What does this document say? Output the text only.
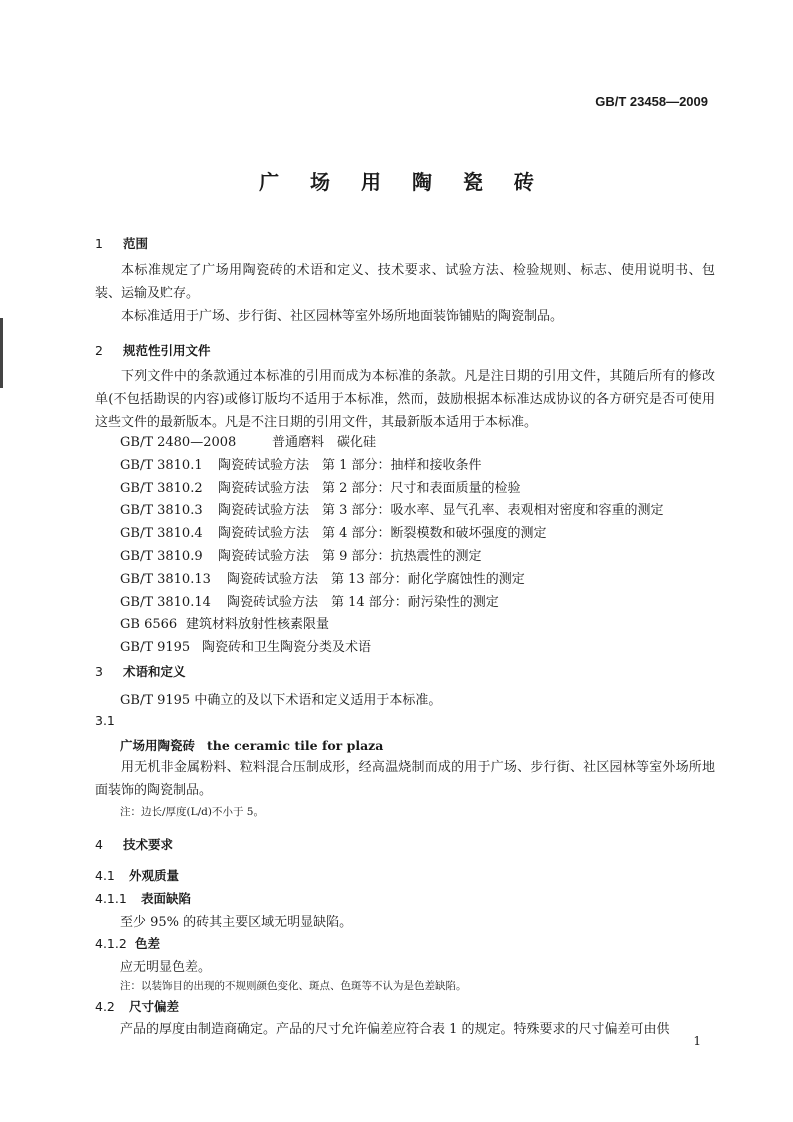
GB/T 23458—2009
广 场 用 陶 瓷 砖
1 范围
本标准规定了广场用陶瓷砖的术语和定义、技术要求、试验方法、检验规则、标志、使用说明书、包装、运输及贮存。
本标准适用于广场、步行街、社区园林等室外场所地面装饰铺贴的陶瓷制品。
2 规范性引用文件
下列文件中的条款通过本标准的引用而成为本标准的条款。凡是注日期的引用文件，其随后所有的修改单(不包括勘误的内容)或修订版均不适用于本标准，然而，鼓励根据本标准达成协议的各方研究是否可使用这些文件的最新版本。凡是不注日期的引用文件，其最新版本适用于本标准。
GB/T 2480—2008	普通磨料　碳化硅
GB/T 3810.1 陶瓷砖试验方法　第 1 部分：抽样和接收条件
GB/T 3810.2 陶瓷砖试验方法　第 2 部分：尺寸和表面质量的检验
GB/T 3810.3 陶瓷砖试验方法　第 3 部分：吸水率、显气孔率、表观相对密度和容重的测定
GB/T 3810.4 陶瓷砖试验方法　第 4 部分：断裂模数和破坏强度的测定
GB/T 3810.9 陶瓷砖试验方法　第 9 部分：抗热震性的测定
GB/T 3810.13 陶瓷砖试验方法　第 13 部分：耐化学腐蚀性的测定
GB/T 3810.14 陶瓷砖试验方法　第 14 部分：耐污染性的测定
GB 6566 建筑材料放射性核素限量
GB/T 9195 陶瓷砖和卫生陶瓷分类及术语
3 术语和定义
GB/T 9195 中确立的及以下术语和定义适用于本标准。
3.1
广场用陶瓷砖 the ceramic tile for plaza
用无机非金属粉料、粒料混合压制成形，经高温烧制而成的用于广场、步行街、社区园林等室外场所地面装饰的陶瓷制品。
注：边长/厚度(L/d)不小于 5。
4 技术要求
4.1 外观质量
4.1.1 表面缺陷
至少 95% 的砖其主要区域无明显缺陷。
4.1.2 色差
应无明显色差。
注：以装饰目的出现的不规则颜色变化、斑点、色斑等不认为是色差缺陷。
4.2 尺寸偏差
产品的厚度由制造商确定。产品的尺寸允许偏差应符合表 1 的规定。特殊要求的尺寸偏差可由供
1
